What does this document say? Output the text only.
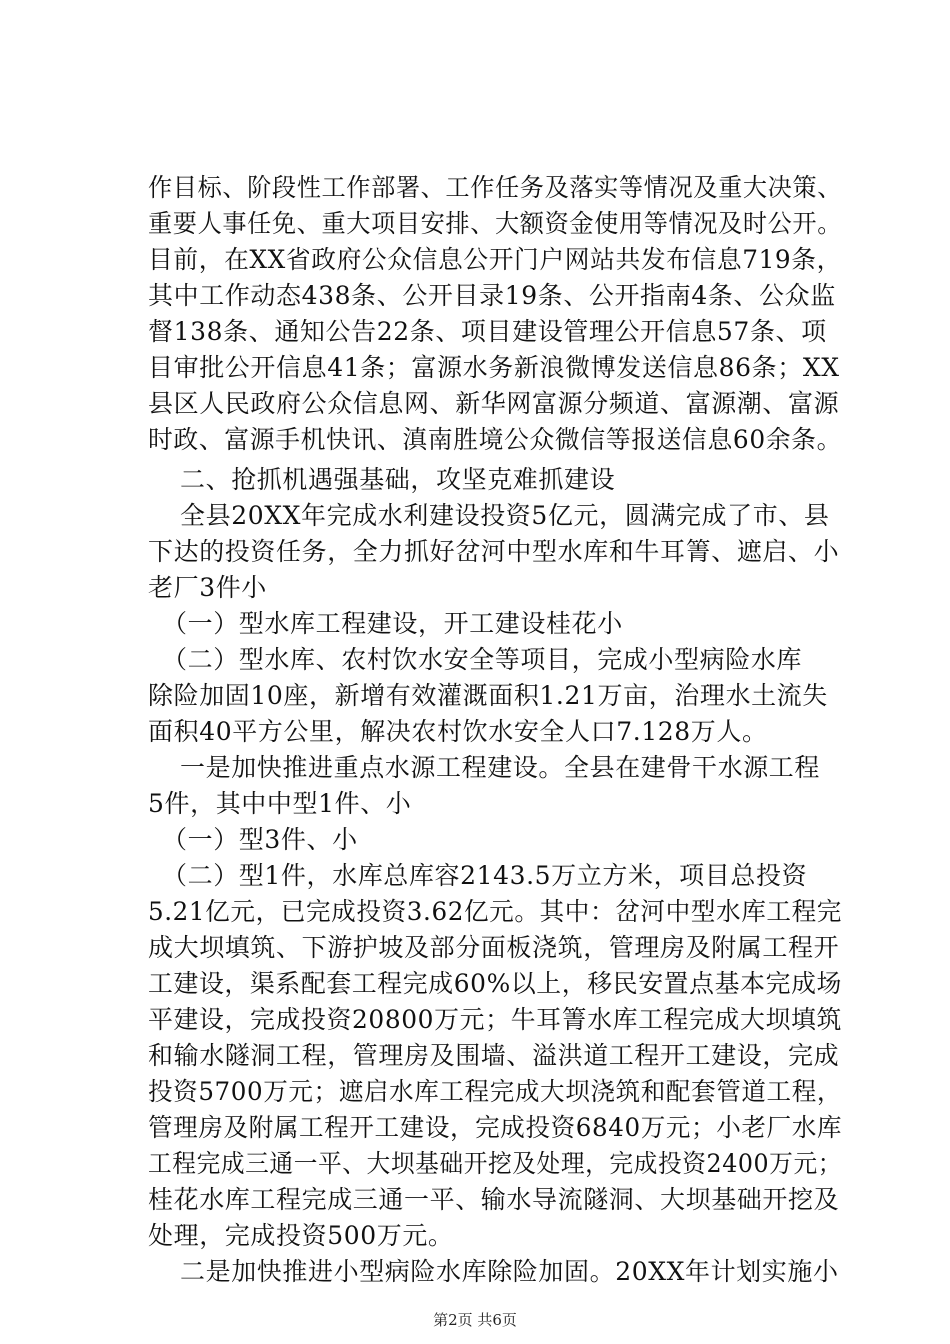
作目标、阶段性工作部署、工作任务及落实等情况及重大决策、
重要人事任免、重大项目安排、大额资金使用等情况及时公开。
目前，在XX省政府公众信息公开门户网站共发布信息719条，
其中工作动态438条、公开目录19条、公开指南4条、公众监
督138条、通知公告22条、项目建设管理公开信息57条、项
目审批公开信息41条；富源水务新浪微博发送信息86条；XX
县区人民政府公众信息网、新华网富源分频道、富源潮、富源
时政、富源手机快讯、滇南胜境公众微信等报送信息60余条。
二、抢抓机遇强基础，攻坚克难抓建设
全县20XX年完成水利建设投资5亿元，圆满完成了市、县
下达的投资任务，全力抓好岔河中型水库和牛耳箐、遮启、小
老厂3件小
（一）型水库工程建设，开工建设桂花小
（二）型水库、农村饮水安全等项目，完成小型病险水库
除险加固10座，新增有效灌溉面积1.21万亩，治理水土流失
面积40平方公里，解决农村饮水安全人口7.128万人。
一是加快推进重点水源工程建设。全县在建骨干水源工程
5件，其中中型1件、小
（一）型3件、小
（二）型1件，水库总库容2143.5万立方米，项目总投资
5.21亿元，已完成投资3.62亿元。其中：岔河中型水库工程完
成大坝填筑、下游护坡及部分面板浇筑，管理房及附属工程开
工建设，渠系配套工程完成60%以上，移民安置点基本完成场
平建设，完成投资20800万元；牛耳箐水库工程完成大坝填筑
和输水隧洞工程，管理房及围墙、溢洪道工程开工建设，完成
投资5700万元；遮启水库工程完成大坝浇筑和配套管道工程，
管理房及附属工程开工建设，完成投资6840万元；小老厂水库
工程完成三通一平、大坝基础开挖及处理，完成投资2400万元；
桂花水库工程完成三通一平、输水导流隧洞、大坝基础开挖及
处理，完成投资500万元。
二是加快推进小型病险水库除险加固。20XX年计划实施小
第2页 共6页
